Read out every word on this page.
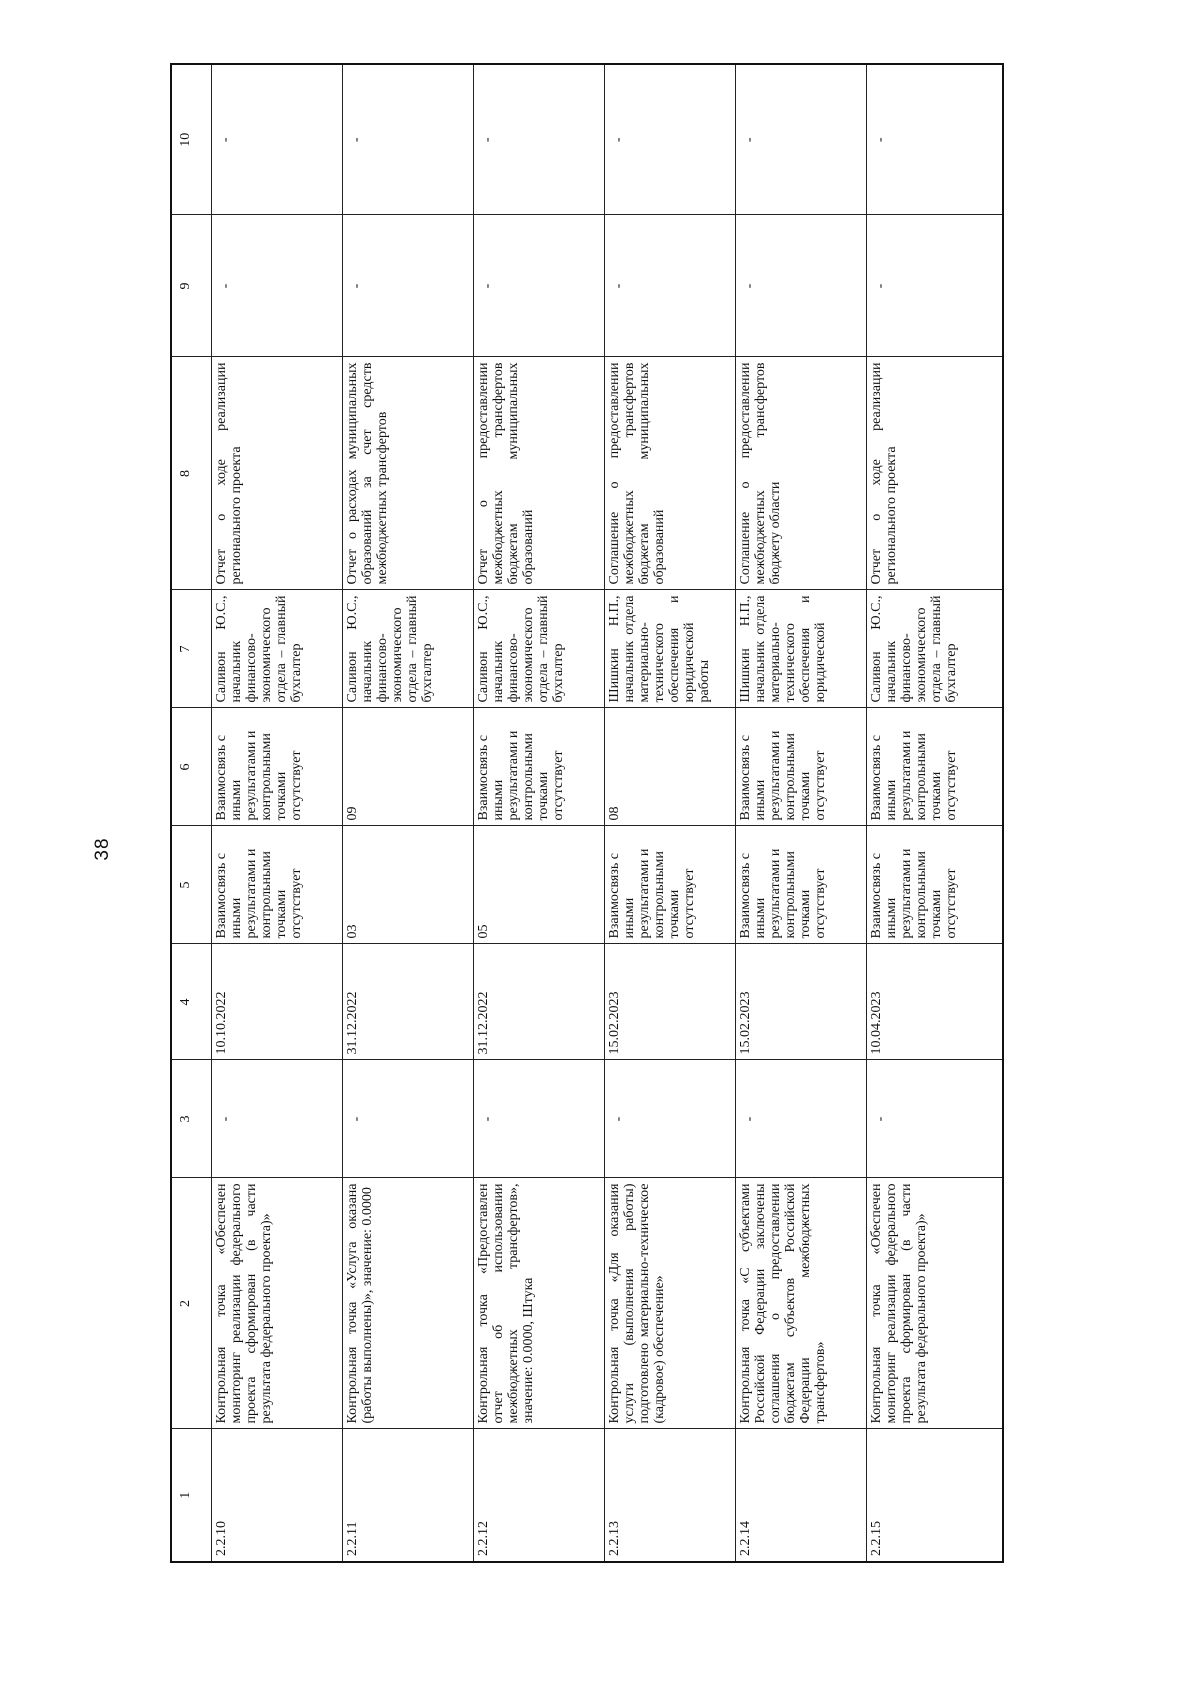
38
1	2	3	4	5	6	7	8	9	10
2.2.10	Контрольная точка «Обеспечен мониторинг реализации федерального проекта сформирован (в части результата федерального проекта)»	-	10.10.2022	Взаимосвязь с иными результатами и контрольными точками отсутствует	Взаимосвязь с иными результатами и контрольными точками отсутствует	Саливон Ю.С., начальник финансово-экономического отдела – главный бухгалтер	Отчет о ходе реализации регионального проекта	-	-
2.2.11	Контрольная точка «Услуга оказана (работы выполнены)», значение: 0.0000	-	31.12.2022	03	09	Саливон Ю.С., начальник финансово-экономического отдела – главный бухгалтер	Отчет о расходах муниципальных образований за счет средств межбюджетных трансфертов	-	-
2.2.12	Контрольная точка «Предоставлен отчет об использовании межбюджетных трансфертов», значение: 0.0000, Штука	-	31.12.2022	05	Взаимосвязь с иными результатами и контрольными точками отсутствует	Саливон Ю.С., начальник финансово-экономического отдела – главный бухгалтер	Отчет о предоставлении межбюджетных трансфертов бюджетам муниципальных образований	-	-
2.2.13	Контрольная точка «Для оказания услуги (выполнения работы) подготовлено материально-техническое (кадровое) обеспечение»	-	15.02.2023	Взаимосвязь с иными результатами и контрольными точками отсутствует	08	Шишкин Н.П., начальник отдела материально-технического обеспечения и юридической работы	Соглашение о предоставлении межбюджетных трансфертов бюджетам муниципальных образований	-	-
2.2.14	Контрольная точка «С субъектами Российской Федерации заключены соглашения о предоставлении бюджетам субъектов Российской Федерации межбюджетных трансфертов»	-	15.02.2023	Взаимосвязь с иными результатами и контрольными точками отсутствует	Взаимосвязь с иными результатами и контрольными точками отсутствует	Шишкин Н.П., начальник отдела материально-технического обеспечения и юридической	Соглашение о предоставлении межбюджетных трансфертов бюджету области	-	-
2.2.15	Контрольная точка «Обеспечен мониторинг реализации федерального проекта сформирован (в части результата федерального проекта)»	-	10.04.2023	Взаимосвязь с иными результатами и контрольными точками отсутствует	Взаимосвязь с иными результатами и контрольными точками отсутствует	Саливон Ю.С., начальник финансово-экономического отдела – главный бухгалтер	Отчет о ходе реализации регионального проекта	-	-
